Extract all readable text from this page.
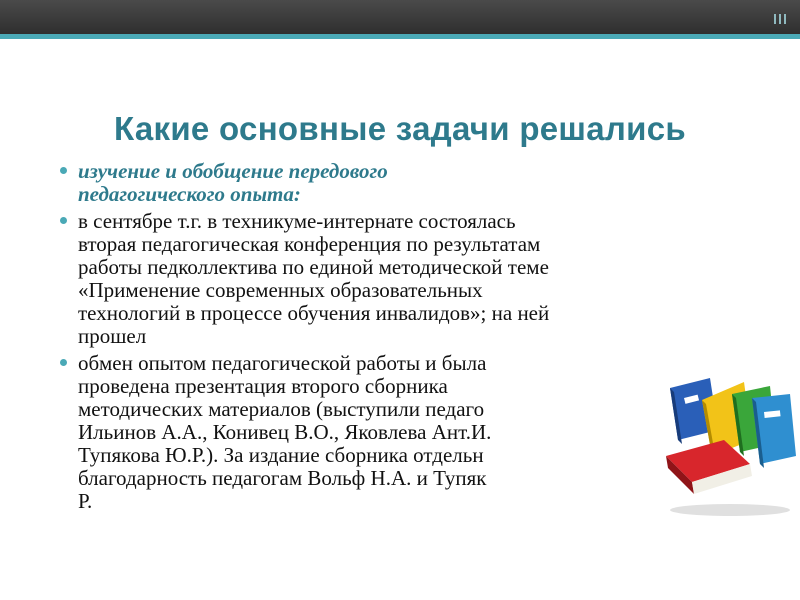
Какие основные задачи решались
изучение и обобщение передового
педагогического опыта:
в сентябре т.г. в техникуме-интернате состоялась
вторая педагогическая конференция по результатам
работы педколлектива по единой методической теме
«Применение современных образовательных
технологий в процессе обучения инвалидов»; на ней
прошел
обмен опытом педагогической работы и была
проведена презентация второго сборника
методических материалов (выступили педаго
Ильинов А.А., Конивец В.О., Яковлева Ант.И.
Тупякова Ю.Р.). За издание сборника отдельн
благодарность педагогам Вольф Н.А. и Тупяк
Р.
